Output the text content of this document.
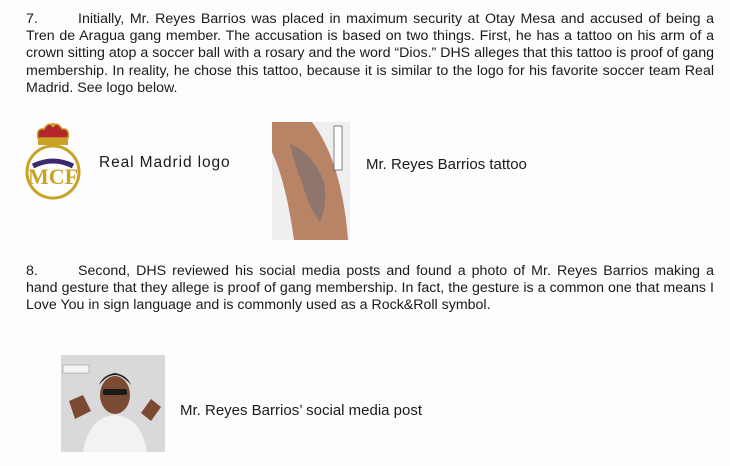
7.	Initially, Mr. Reyes Barrios was placed in maximum security at Otay Mesa and accused of being a Tren de Aragua gang member. The accusation is based on two things. First, he has a tattoo on his arm of a crown sitting atop a soccer ball with a rosary and the word “Dios.” DHS alleges that this tattoo is proof of gang membership. In reality, he chose this tattoo, because it is similar to the logo for his favorite soccer team Real Madrid. See logo below.

MCF
Real Madrid logo	Mr. Reyes Barrios tattoo

8.	Second, DHS reviewed his social media posts and found a photo of Mr. Reyes Barrios making a hand gesture that they allege is proof of gang membership. In fact, the gesture is a common one that means I Love You in sign language and is commonly used as a Rock&Roll symbol.

Mr. Reyes Barrios’ social media post
